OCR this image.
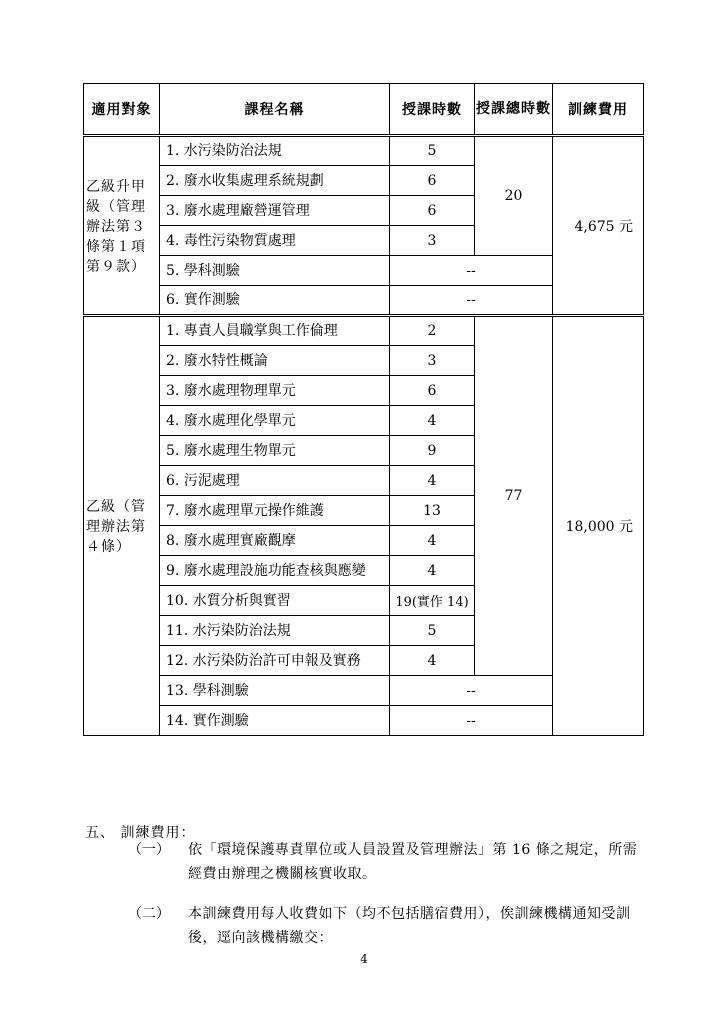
適用對象	課程名稱	授課時數	授課總時數	訓練費用
乙級升甲級（管理辦法第３條第１項第９款）	1. 水污染防治法規	5	20	4,675 元
	2. 廢水收集處理系統規劃	6		
	3. 廢水處理廠營運管理	6		
	4. 毒性污染物質處理	3		
	5. 學科測驗	--		
	6. 實作測驗	--		
乙級（管理辦法第４條）	1. 專責人員職掌與工作倫理	2	77	18,000 元
	2. 廢水特性概論	3		
	3. 廢水處理物理單元	6		
	4. 廢水處理化學單元	4		
	5. 廢水處理生物單元	9		
	6. 污泥處理	4		
	7. 廢水處理單元操作維護	13		
	8. 廢水處理實廠觀摩	4		
	9. 廢水處理設施功能查核與應變	4		
	10. 水質分析與實習	19(實作 14)		
	11. 水污染防治法規	5		
	12. 水污染防治許可申報及實務	4		
	13. 學科測驗	--		
	14. 實作測驗	--		
五、 訓練費用：
（一） 依「環境保護專責單位或人員設置及管理辦法」第 16 條之規定，所需經費由辦理之機關核實收取。
（二） 本訓練費用每人收費如下（均不包括膳宿費用），俟訓練機構通知受訓後，逕向該機構繳交：
4
